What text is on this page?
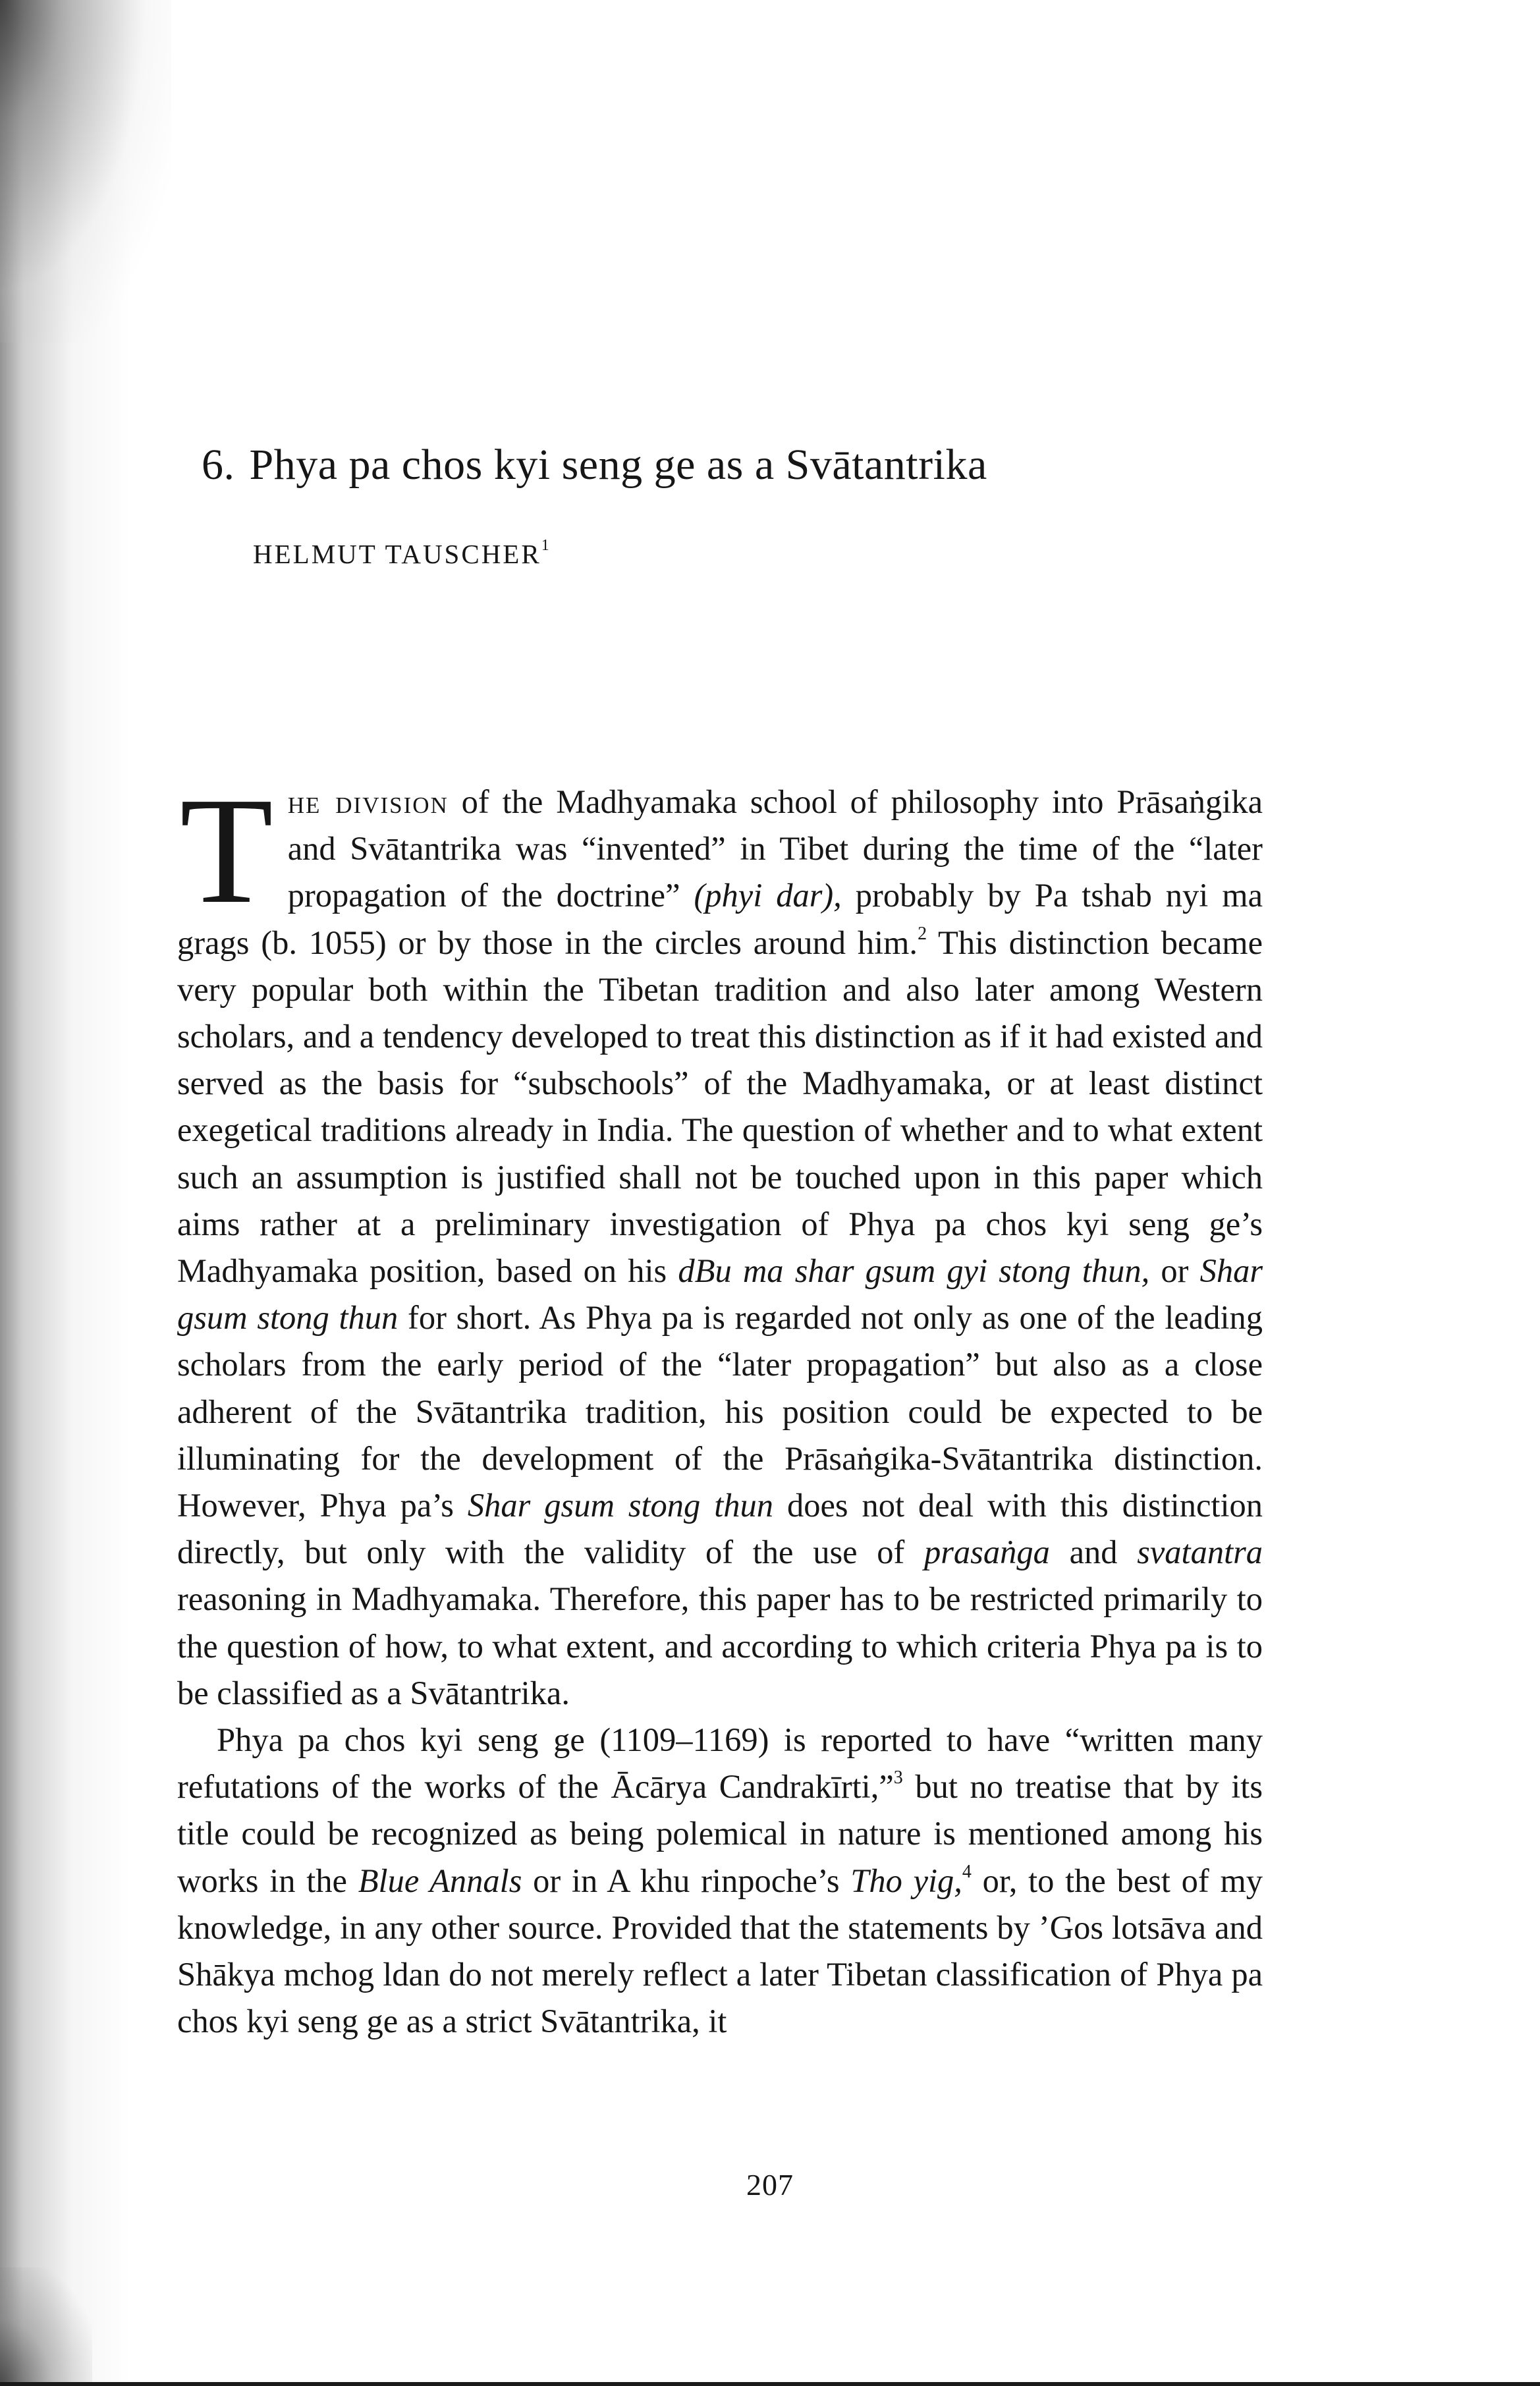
6. Phya pa chos kyi seng ge as a Svātantrika
HELMUT TAUSCHER$^1$

The division of the Madhyamaka school of philosophy into Prāsaṅgika and Svātantrika was “invented” in Tibet during the time of the “later propagation of the doctrine” (phyi dar), probably by Pa tshab nyi ma grags (b. 1055) or by those in the circles around him.$^2$ This distinction became very popular both within the Tibetan tradition and also later among Western scholars, and a tendency developed to treat this distinction as if it had existed and served as the basis for “subschools” of the Madhyamaka, or at least distinct exegetical traditions already in India. The question of whether and to what extent such an assumption is justified shall not be touched upon in this paper which aims rather at a preliminary investigation of Phya pa chos kyi seng ge’s Madhyamaka position, based on his dBu ma shar gsum gyi stong thun, or Shar gsum stong thun for short. As Phya pa is regarded not only as one of the leading scholars from the early period of the “later propagation” but also as a close adherent of the Svātantrika tradition, his position could be expected to be illuminating for the development of the Prāsaṅgika-Svātantrika distinction. However, Phya pa’s Shar gsum stong thun does not deal with this distinction directly, but only with the validity of the use of prasaṅga and svatantra reasoning in Madhyamaka. Therefore, this paper has to be restricted primarily to the question of how, to what extent, and according to which criteria Phya pa is to be classified as a Svātantrika.

Phya pa chos kyi seng ge (1109–1169) is reported to have “written many refutations of the works of the Ācārya Candrakīrti,”$^3$ but no treatise that by its title could be recognized as being polemical in nature is mentioned among his works in the Blue Annals or in A khu rinpoche’s Tho yig,$^4$ or, to the best of my knowledge, in any other source. Provided that the statements by ’Gos lotsāva and Shākya mchog ldan do not merely reflect a later Tibetan classification of Phya pa chos kyi seng ge as a strict Svātantrika, it

207
